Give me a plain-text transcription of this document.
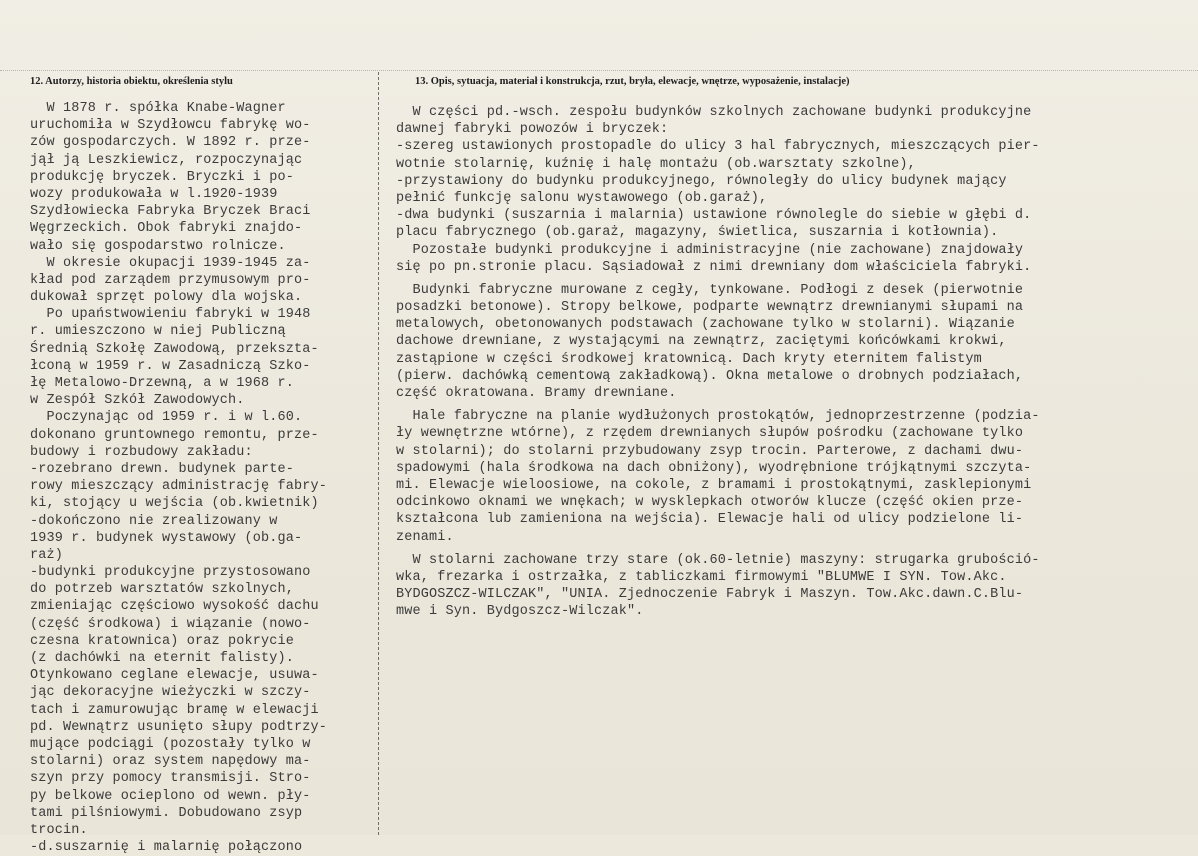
12. Autorzy, historia obiektu, określenia stylu	13. Opis, sytuacja, materiał i konstrukcja, rzut, bryła, elewacje, wnętrze, wyposażenie, instalacje)
W 1878 r. spółka Knabe-Wagner
uruchomiła w Szydłowcu fabrykę wo-
zów gospodarczych. W 1892 r. prze-
jął ją Leszkiewicz, rozpoczynając
produkcję bryczek. Bryczki i po-
wozy produkowała w l.1920-1939
Szydłowiecka Fabryka Bryczek Braci
Węgrzeckich. Obok fabryki znajdo-
wało się gospodarstwo rolnicze.
W okresie okupacji 1939-1945 za-
kład pod zarządem przymusowym pro-
dukował sprzęt polowy dla wojska.
Po upaństwowieniu fabryki w 1948
r. umieszczono w niej Publiczną
Średnią Szkołę Zawodową, przekszta-
łconą w 1959 r. w Zasadniczą Szko-
łę Metalowo-Drzewną, a w 1968 r.
w Zespół Szkół Zawodowych.
Poczynając od 1959 r. i w l.60.
dokonano gruntownego remontu, prze-
budowy i rozbudowy zakładu:
-rozebrano drewn. budynek parte-
rowy mieszczący administrację fabry-
ki, stojący u wejścia (ob.kwietnik)
-dokończono nie zrealizowany w
1939 r. budynek wystawowy (ob.ga-
raż)
-budynki produkcyjne przystosowano
do potrzeb warsztatów szkolnych,
zmieniając częściowo wysokość dachu
(część środkowa) i wiązanie (nowo-
czesna kratownica) oraz pokrycie
(z dachówki na eternit falisty).
Otynkowano ceglane elewacje, usuwa-
jąc dekoracyjne wieżyczki w szczy-
tach i zamurowując bramę w elewacji
pd. Wewnątrz usunięto słupy podtrzy-
mujące podciągi (pozostały tylko w
stolarni) oraz system napędowy ma-
szyn przy pomocy transmisji. Stro-
py belkowe ocieplono od wewn. pły-
tami pilśniowymi. Dobudowano zsyp
trocin.
-d.suszarnię i malarnię połączono
W części pd.-wsch. zespołu budynków szkolnych zachowane budynki produkcyjne
dawnej fabryki powozów i bryczek:
-szereg ustawionych prostopadle do ulicy 3 hal fabrycznych, mieszczących pier-
wotnie stolarnię, kuźnię i halę montażu (ob.warsztaty szkolne),
-przystawiony do budynku produkcyjnego, równoległy do ulicy budynek mający
pełnić funkcję salonu wystawowego (ob.garaż),
-dwa budynki (suszarnia i malarnia) ustawione równolegle do siebie w głębi d.
placu fabrycznego (ob.garaż, magazyny, świetlica, suszarnia i kotłownia).
Pozostałe budynki produkcyjne i administracyjne (nie zachowane) znajdowały
się po pn.stronie placu. Sąsiadował z nimi drewniany dom właściciela fabryki.
Budynki fabryczne murowane z cegły, tynkowane. Podłogi z desek (pierwotnie
posadzki betonowe). Stropy belkowe, podparte wewnątrz drewnianymi słupami na
metalowych, obetonowanych podstawach (zachowane tylko w stolarni). Wiązanie
dachowe drewniane, z wystającymi na zewnątrz, zaciętymi końcówkami krokwi,
zastąpione w części środkowej kratownicą. Dach kryty eternitem falistym
(pierw. dachówką cementową zakładkową). Okna metalowe o drobnych podziałach,
część okratowana. Bramy drewniane.
Hale fabryczne na planie wydłużonych prostokątów, jednoprzestrzenne (podzia-
ły wewnętrzne wtórne), z rzędem drewnianych słupów pośrodku (zachowane tylko
w stolarni); do stolarni przybudowany zsyp trocin. Parterowe, z dachami dwu-
spadowymi (hala środkowa na dach obniżony), wyodrębnione trójkątnymi szczyta-
mi. Elewacje wieloosiowe, na cokole, z bramami i prostokątnymi, zasklepionymi
odcinkowo oknami we wnękach; w wysklepkach otworów klucze (część okien prze-
kształcona lub zamieniona na wejścia). Elewacje hali od ulicy podzielone li-
zenami.
W stolarni zachowane trzy stare (ok.60-letnie) maszyny: strugarka grubośció-
wka, frezarka i ostrzałka, z tabliczkami firmowymi "BLUMWE I SYN. Tow.Akc.
BYDGOSZCZ-WILCZAK", "UNIA. Zjednoczenie Fabryk i Maszyn. Tow.Akc.dawn.C.Blu-
mwe i Syn. Bydgoszcz-Wilczak".
